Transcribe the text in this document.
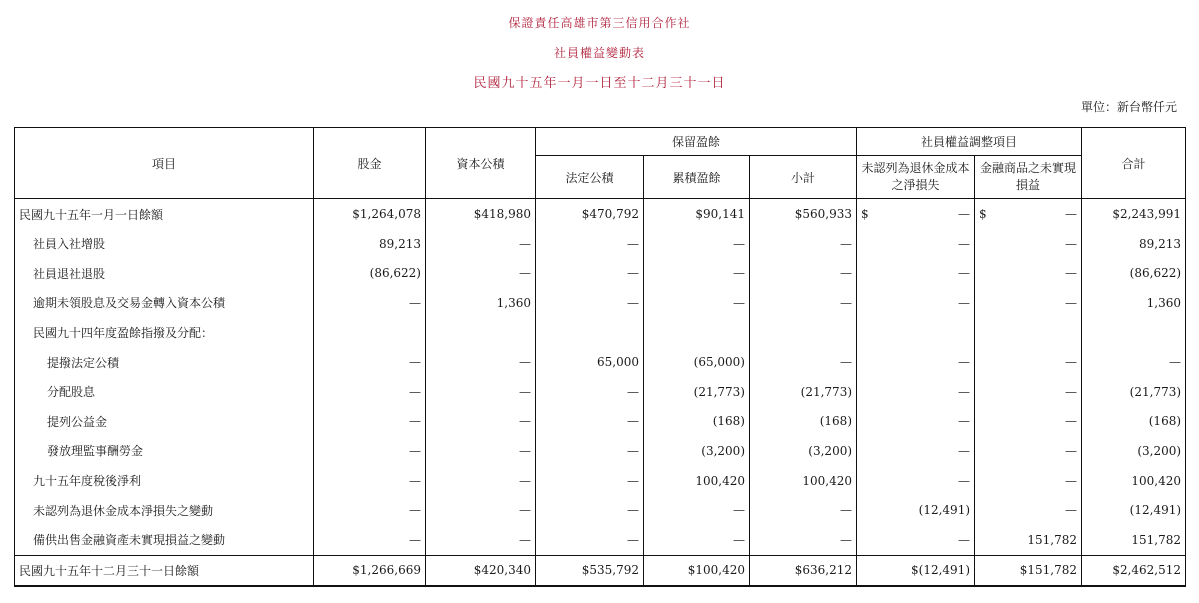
保證責任高雄市第三信用合作社
社員權益變動表
民國九十五年一月一日至十二月三十一日
單位：新台幣仟元
項目	股金	資本公積	保留盈餘			社員權益調整項目		合計
			法定公積	累積盈餘	小計	未認列為退休金成本之淨損失	金融商品之未實現損益	
民國九十五年一月一日餘額	$1,264,078	$418,980	$470,792	$90,141	$560,933	$ —	$ —	$2,243,991
社員入社增股	89,213	—	—	—	—	—	—	89,213
社員退社退股	(86,622)	—	—	—	—	—	—	(86,622)
逾期未領股息及交易金轉入資本公積	—	1,360	—	—	—	—	—	1,360
民國九十四年度盈餘指撥及分配：								
提撥法定公積	—	—	65,000	(65,000)	—	—	—	—
分配股息	—	—	—	(21,773)	(21,773)	—	—	(21,773)
提列公益金	—	—	—	(168)	(168)	—	—	(168)
發放理監事酬勞金	—	—	—	(3,200)	(3,200)	—	—	(3,200)
九十五年度稅後淨利	—	—	—	100,420	100,420	—	—	100,420
未認列為退休金成本淨損失之變動	—	—	—	—	—	(12,491)	—	(12,491)
備供出售金融資產未實現損益之變動	—	—	—	—	—	—	151,782	151,782
民國九十五年十二月三十一日餘額	$1,266,669	$420,340	$535,792	$100,420	$636,212	$(12,491)	$151,782	$2,462,512
